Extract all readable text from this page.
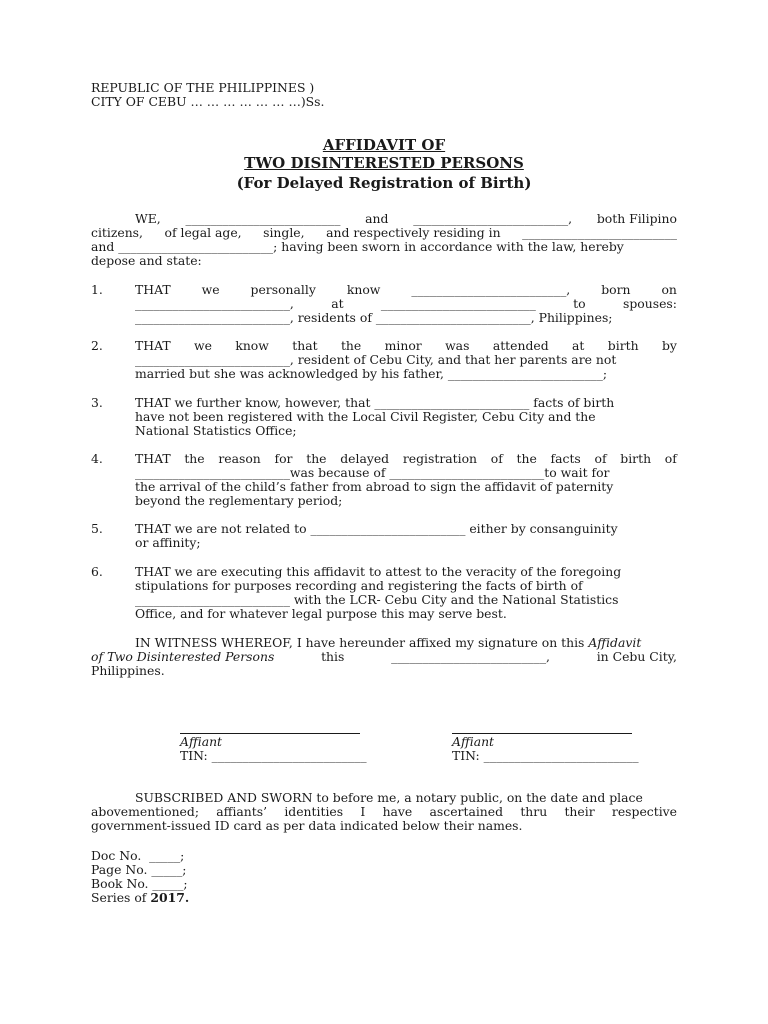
REPUBLIC OF THE PHILIPPINES )
CITY OF CEBU … … … … … … …)Ss.
AFFIDAVIT OF
TWO DISINTERESTED PERSONS
(For Delayed Registration of Birth)
WE, _________________________ and _________________________, both Filipino
citizens, of legal age, single, and respectively residing in _________________________
and _________________________; having been sworn in accordance with the law, hereby
depose and state:
1.	THAT we personally know _________________________, born on
_________________________,	at	_________________________	to	spouses:
_________________________, residents of _________________________, Philippines;
2.	THAT we know that the minor was attended at birth by
_________________________, resident of Cebu City, and that her parents are not
married but she was acknowledged by his father, _________________________;
3.	THAT we further know, however, that _________________________ facts of birth
have not been registered with the Local Civil Register, Cebu City and the
National Statistics Office;
4.	THAT the reason for the delayed registration of the facts of birth of
_________________________was because of _________________________to wait for
the arrival of the child’s father from abroad to sign the affidavit of paternity
beyond the reglementary period;
5.	THAT we are not related to _________________________ either by consanguinity
or affinity;
6.	THAT we are executing this affidavit to attest to the veracity of the foregoing
stipulations for purposes recording and registering the facts of birth of
_________________________ with the LCR- Cebu City and the National Statistics
Office, and for whatever legal purpose this may serve best.
IN WITNESS WHEREOF, I have hereunder affixed my signature on this Affidavit
of Two Disinterested Persons	this	_________________________,	in Cebu City,
Philippines.
Affiant
TIN: _________________________
Affiant
TIN: _________________________
SUBSCRIBED AND SWORN to before me, a notary public, on the date and place
abovementioned; affiants’ identities I have ascertained thru their respective
government-issued ID card as per data indicated below their names.
Doc No.  _____;
Page No. _____;
Book No. _____;
Series of 2017.
